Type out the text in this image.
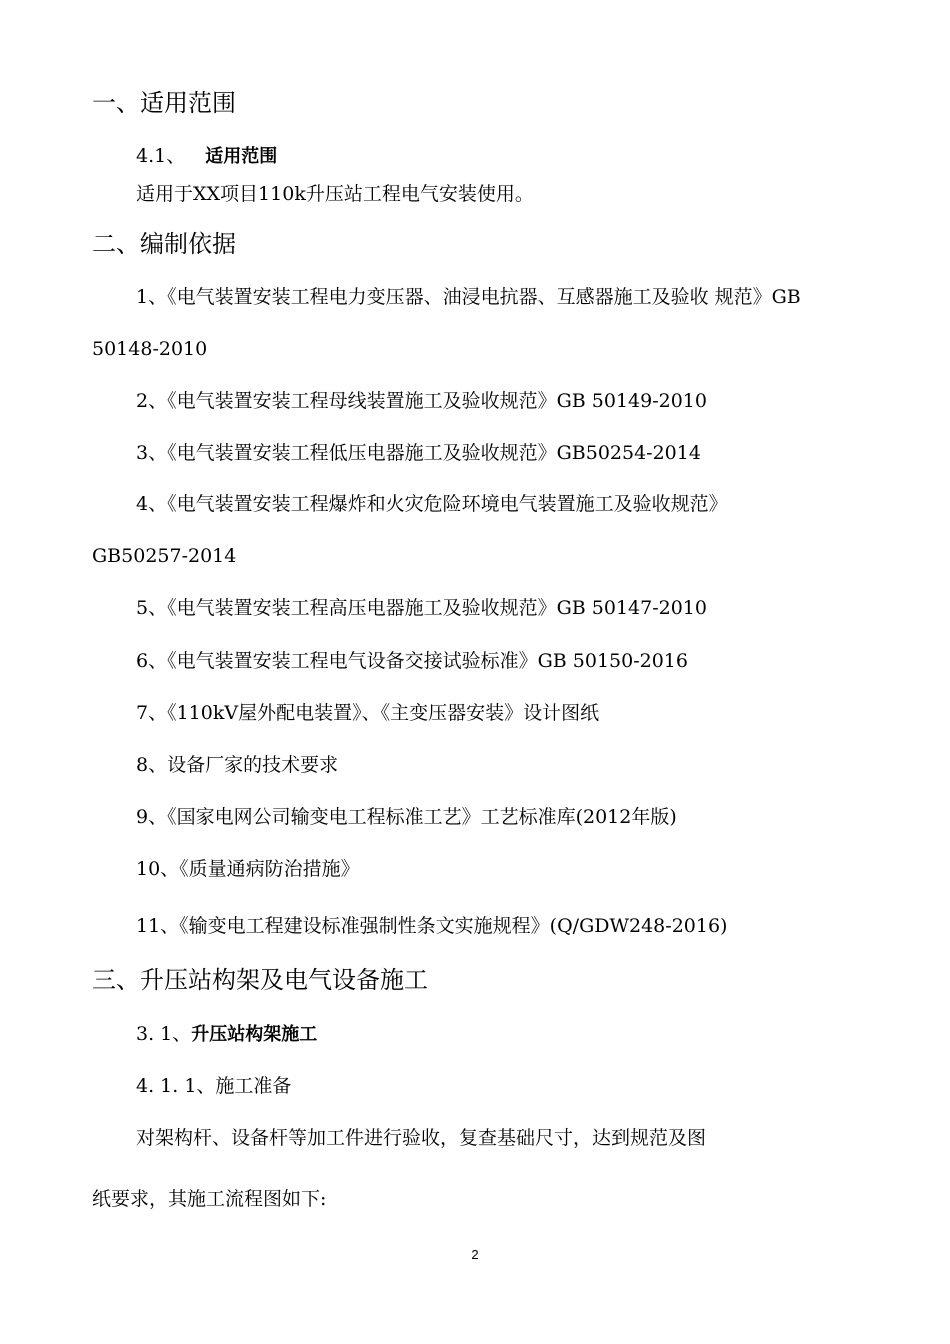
一、适用范围
4.1、 适用范围
适用于XX项目110k升压站工程电气安装使用。
二、编制依据
1、《电气装置安装工程电力变压器、油浸电抗器、互感器施工及验收 规范》GB
50148-2010
2、《电气装置安装工程母线装置施工及验收规范》GB 50149-2010
3、《电气装置安装工程低压电器施工及验收规范》GB50254-2014
4、《电气装置安装工程爆炸和火灾危险环境电气装置施工及验收规范》
GB50257-2014
5、《电气装置安装工程高压电器施工及验收规范》GB 50147-2010
6、《电气装置安装工程电气设备交接试验标准》GB 50150-2016
7、《110kV屋外配电装置》、《主变压器安装》设计图纸
8、设备厂家的技术要求
9、《国家电网公司输变电工程标准工艺》工艺标准库(2012年版)
10、《质量通病防治措施》
11、《输变电工程建设标准强制性条文实施规程》(Q/GDW248-2016)
三、升压站构架及电气设备施工
3. 1、升压站构架施工
4. 1. 1、施工准备
对架构杆、设备杆等加工件进行验收，复查基础尺寸，达到规范及图
纸要求，其施工流程图如下:
2
